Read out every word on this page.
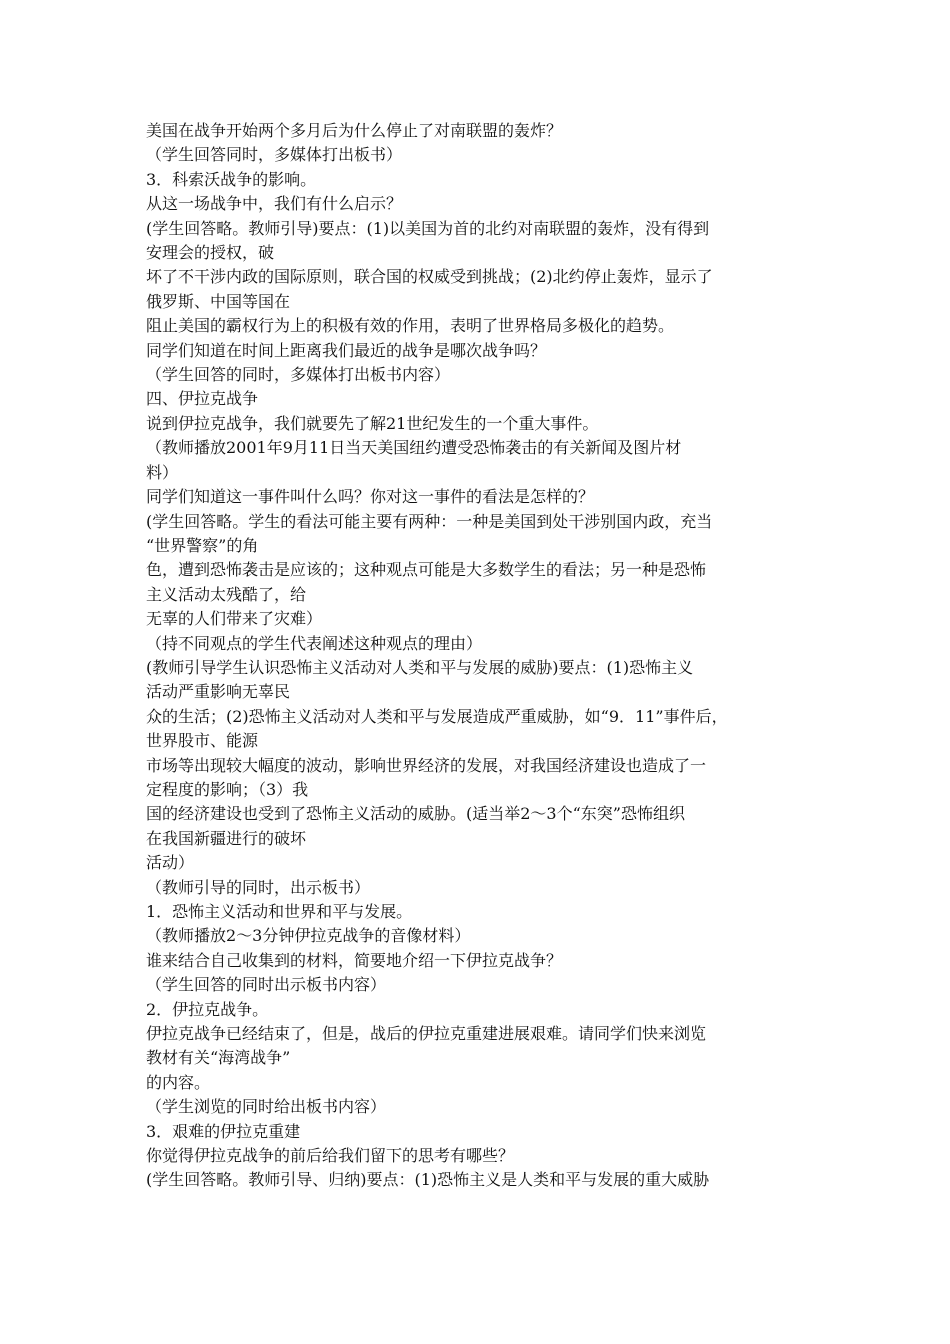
美国在战争开始两个多月后为什么停止了对南联盟的轰炸？

（学生回答同时，多媒体打出板书）

3．科索沃战争的影响。

从这一场战争中，我们有什么启示？

(学生回答略。教师引导)要点：(1)以美国为首的北约对南联盟的轰炸，没有得到

安理会的授权，破

坏了不干涉内政的国际原则，联合国的权威受到挑战；(2)北约停止轰炸，显示了

俄罗斯、中国等国在

阻止美国的霸权行为上的积极有效的作用，表明了世界格局多极化的趋势。

同学们知道在时间上距离我们最近的战争是哪次战争吗？

（学生回答的同时，多媒体打出板书内容）

四、伊拉克战争

说到伊拉克战争，我们就要先了解21世纪发生的一个重大事件。

（教师播放2001年9月11日当天美国纽约遭受恐怖袭击的有关新闻及图片材

料）

同学们知道这一事件叫什么吗？你对这一事件的看法是怎样的？

(学生回答略。学生的看法可能主要有两种：一种是美国到处干涉别国内政，充当

“世界警察”的角

色，遭到恐怖袭击是应该的；这种观点可能是大多数学生的看法；另一种是恐怖

主义活动太残酷了，给

无辜的人们带来了灾难）

（持不同观点的学生代表阐述这种观点的理由）

(教师引导学生认识恐怖主义活动对人类和平与发展的威胁)要点：(1)恐怖主义

活动严重影响无辜民

众的生活；(2)恐怖主义活动对人类和平与发展造成严重威胁，如“9．11”事件后，

世界股市、能源

市场等出现较大幅度的波动，影响世界经济的发展，对我国经济建设也造成了一

定程度的影响；（3）我

国的经济建设也受到了恐怖主义活动的威胁。(适当举2～3个“东突”恐怖组织

在我国新疆进行的破坏

活动）

（教师引导的同时，出示板书）

1．恐怖主义活动和世界和平与发展。

（教师播放2～3分钟伊拉克战争的音像材料）

谁来结合自己收集到的材料，简要地介绍一下伊拉克战争？

（学生回答的同时出示板书内容）

2．伊拉克战争。

伊拉克战争已经结束了，但是，战后的伊拉克重建进展艰难。请同学们快来浏览

教材有关“海湾战争”

的内容。

（学生浏览的同时给出板书内容）

3．艰难的伊拉克重建

你觉得伊拉克战争的前后给我们留下的思考有哪些？

(学生回答略。教师引导、归纳)要点：(1)恐怖主义是人类和平与发展的重大威胁
